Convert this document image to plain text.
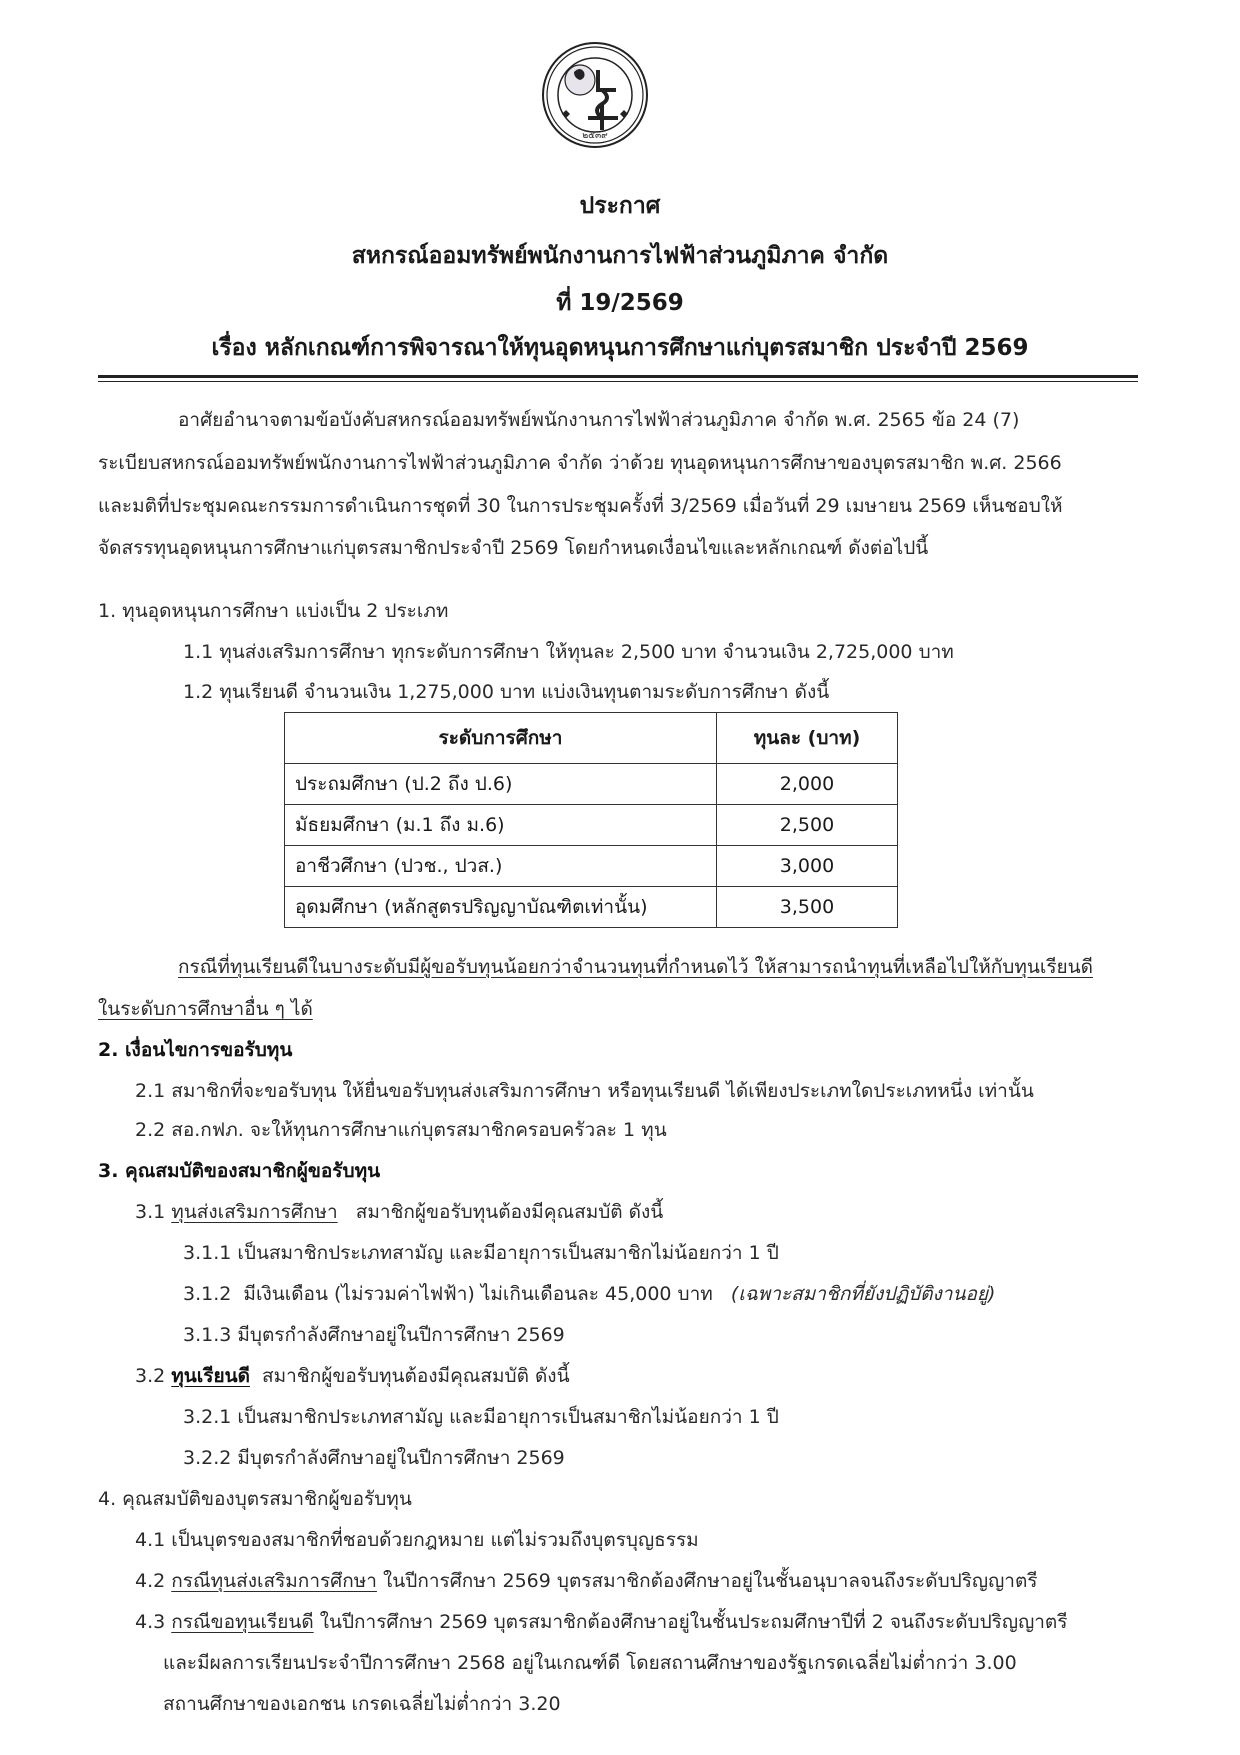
๒๕๓๙
ประกาศ
สหกรณ์ออมทรัพย์พนักงานการไฟฟ้าส่วนภูมิภาค จำกัด
ที่ 19/2569
เรื่อง หลักเกณฑ์การพิจารณาให้ทุนอุดหนุนการศึกษาแก่บุตรสมาชิก ประจำปี 2569
อาศัยอำนาจตามข้อบังคับสหกรณ์ออมทรัพย์พนักงานการไฟฟ้าส่วนภูมิภาค จำกัด พ.ศ. 2565 ข้อ 24 (7)
ระเบียบสหกรณ์ออมทรัพย์พนักงานการไฟฟ้าส่วนภูมิภาค จำกัด ว่าด้วย ทุนอุดหนุนการศึกษาของบุตรสมาชิก พ.ศ. 2566
และมติที่ประชุมคณะกรรมการดำเนินการชุดที่ 30 ในการประชุมครั้งที่ 3/2569 เมื่อวันที่ 29 เมษายน 2569 เห็นชอบให้
จัดสรรทุนอุดหนุนการศึกษาแก่บุตรสมาชิกประจำปี 2569 โดยกำหนดเงื่อนไขและหลักเกณฑ์ ดังต่อไปนี้
1. ทุนอุดหนุนการศึกษา แบ่งเป็น 2 ประเภท
1.1 ทุนส่งเสริมการศึกษา ทุกระดับการศึกษา ให้ทุนละ 2,500 บาท จำนวนเงิน 2,725,000 บาท
1.2 ทุนเรียนดี จำนวนเงิน 1,275,000 บาท แบ่งเงินทุนตามระดับการศึกษา ดังนี้
ระดับการศึกษา	ทุนละ (บาท)
ประถมศึกษา (ป.2 ถึง ป.6)	2,000
มัธยมศึกษา (ม.1 ถึง ม.6)	2,500
อาชีวศึกษา (ปวช., ปวส.)	3,000
อุดมศึกษา (หลักสูตรปริญญาบัณฑิตเท่านั้น)	3,500
กรณีที่ทุนเรียนดีในบางระดับมีผู้ขอรับทุนน้อยกว่าจำนวนทุนที่กำหนดไว้ ให้สามารถนำทุนที่เหลือไปให้กับทุนเรียนดี
ในระดับการศึกษาอื่น ๆ ได้
2. เงื่อนไขการขอรับทุน
2.1 สมาชิกที่จะขอรับทุน ให้ยื่นขอรับทุนส่งเสริมการศึกษา หรือทุนเรียนดี ได้เพียงประเภทใดประเภทหนึ่ง เท่านั้น
2.2 สอ.กฟภ. จะให้ทุนการศึกษาแก่บุตรสมาชิกครอบครัวละ 1 ทุน
3. คุณสมบัติของสมาชิกผู้ขอรับทุน
3.1 ทุนส่งเสริมการศึกษา   สมาชิกผู้ขอรับทุนต้องมีคุณสมบัติ ดังนี้
3.1.1 เป็นสมาชิกประเภทสามัญ และมีอายุการเป็นสมาชิกไม่น้อยกว่า 1 ปี
3.1.2  มีเงินเดือน (ไม่รวมค่าไฟฟ้า) ไม่เกินเดือนละ 45,000 บาท   (เฉพาะสมาชิกที่ยังปฏิบัติงานอยู่)
3.1.3 มีบุตรกำลังศึกษาอยู่ในปีการศึกษา 2569
3.2 ทุนเรียนดี  สมาชิกผู้ขอรับทุนต้องมีคุณสมบัติ ดังนี้
3.2.1 เป็นสมาชิกประเภทสามัญ และมีอายุการเป็นสมาชิกไม่น้อยกว่า 1 ปี
3.2.2 มีบุตรกำลังศึกษาอยู่ในปีการศึกษา 2569
4. คุณสมบัติของบุตรสมาชิกผู้ขอรับทุน
4.1 เป็นบุตรของสมาชิกที่ชอบด้วยกฎหมาย แต่ไม่รวมถึงบุตรบุญธรรม
4.2 กรณีทุนส่งเสริมการศึกษา ในปีการศึกษา 2569 บุตรสมาชิกต้องศึกษาอยู่ในชั้นอนุบาลจนถึงระดับปริญญาตรี
4.3 กรณีขอทุนเรียนดี ในปีการศึกษา 2569 บุตรสมาชิกต้องศึกษาอยู่ในชั้นประถมศึกษาปีที่ 2 จนถึงระดับปริญญาตรี
และมีผลการเรียนประจำปีการศึกษา 2568 อยู่ในเกณฑ์ดี โดยสถานศึกษาของรัฐเกรดเฉลี่ยไม่ต่ำกว่า 3.00
สถานศึกษาของเอกชน เกรดเฉลี่ยไม่ต่ำกว่า 3.20
